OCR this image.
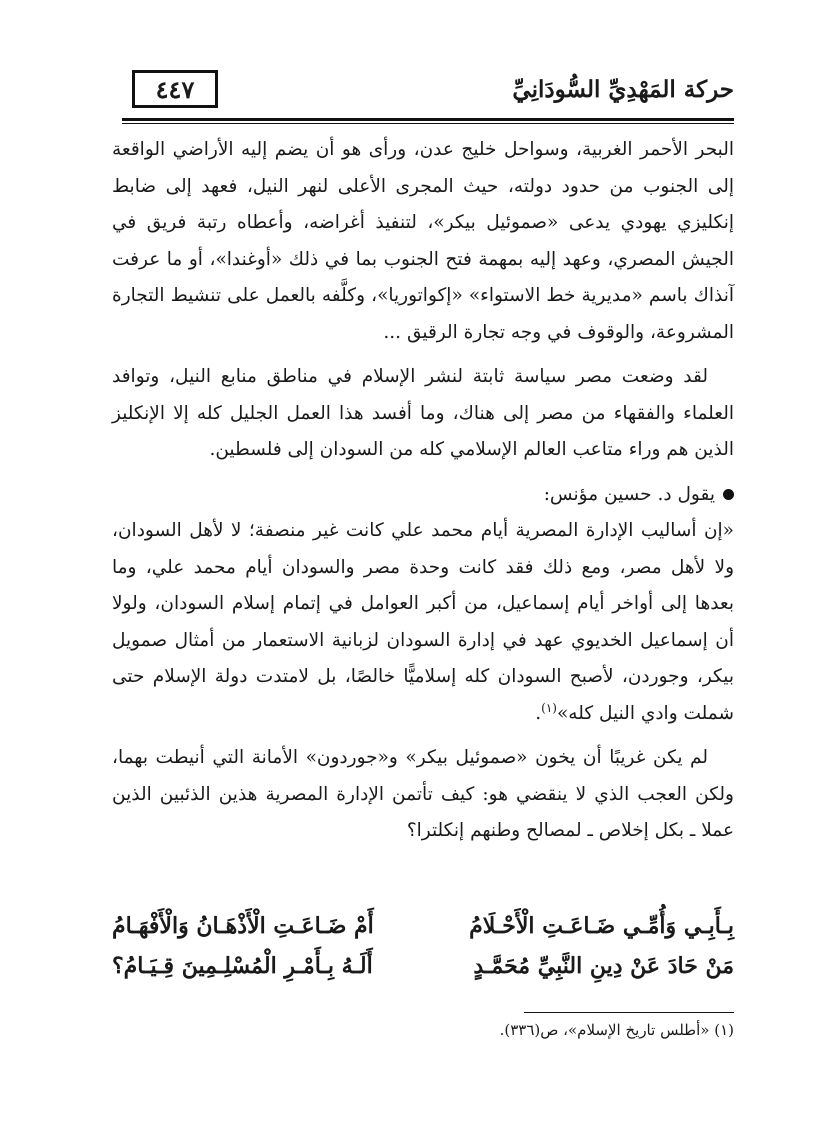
٤٤٧	حركة المَهْدِيِّ السُّودَانِيِّ

البحر الأحمر الغربية، وسواحل خليج عدن، ورأى هو أن يضم إليه الأراضي الواقعة إلى الجنوب من حدود دولته، حيث المجرى الأعلى لنهر النيل، فعهد إلى ضابط إنكليزي يهودي يدعى «صموئيل بيكر»، لتنفيذ أغراضه، وأعطاه رتبة فريق في الجيش المصري، وعهد إليه بمهمة فتح الجنوب بما في ذلك «أوغندا»، أو ما عرفت آنذاك باسم «مديرية خط الاستواء» «إكواتوريا»، وكلَّفه بالعمل على تنشيط التجارة المشروعة، والوقوف في وجه تجارة الرقيق ...

لقد وضعت مصر سياسة ثابتة لنشر الإسلام في مناطق منابع النيل، وتوافد العلماء والفقهاء من مصر إلى هناك، وما أفسد هذا العمل الجليل كله إلا الإنكليز الذين هم وراء متاعب العالم الإسلامي كله من السودان إلى فلسطين.

يقول د. حسين مؤنس:

«إن أساليب الإدارة المصرية أيام محمد علي كانت غير منصفة؛ لا لأهل السودان، ولا لأهل مصر، ومع ذلك فقد كانت وحدة مصر والسودان أيام محمد علي، وما بعدها إلى أواخر أيام إسماعيل، من أكبر العوامل في إتمام إسلام السودان، ولولا أن إسماعيل الخديوي عهد في إدارة السودان لزبانية الاستعمار من أمثال صمويل بيكر، وجوردن، لأصبح السودان كله إسلاميًّا خالصًا، بل لامتدت دولة الإسلام حتى شملت وادي النيل كله»$^{(١)}$.

لم يكن غريبًا أن يخون «صموئيل بيكر» و«جوردون» الأمانة التي أنيطت بهما، ولكن العجب الذي لا ينقضي هو: كيف تأتمن الإدارة المصرية هذين الذئبين الذين عملا ـ بكل إخلاص ـ لمصالح وطنهم إنكلترا؟

بِـأَبِـي وَأُمِّـي ضَـاعَـتِ الْأَحْـلَامُ
أَمْ ضَـاعَـتِ الْأَذْهَـانُ وَالْأَفْهَـامُ
مَنْ حَادَ عَنْ دِينِ النَّبِيِّ مُحَمَّـدٍ
أَلَـهُ بِـأَمْـرِ الْمُسْلِـمِينَ قِـيَـامُ؟
(١) «أطلس تاريخ الإسلام»، ص(٣٣٦).
